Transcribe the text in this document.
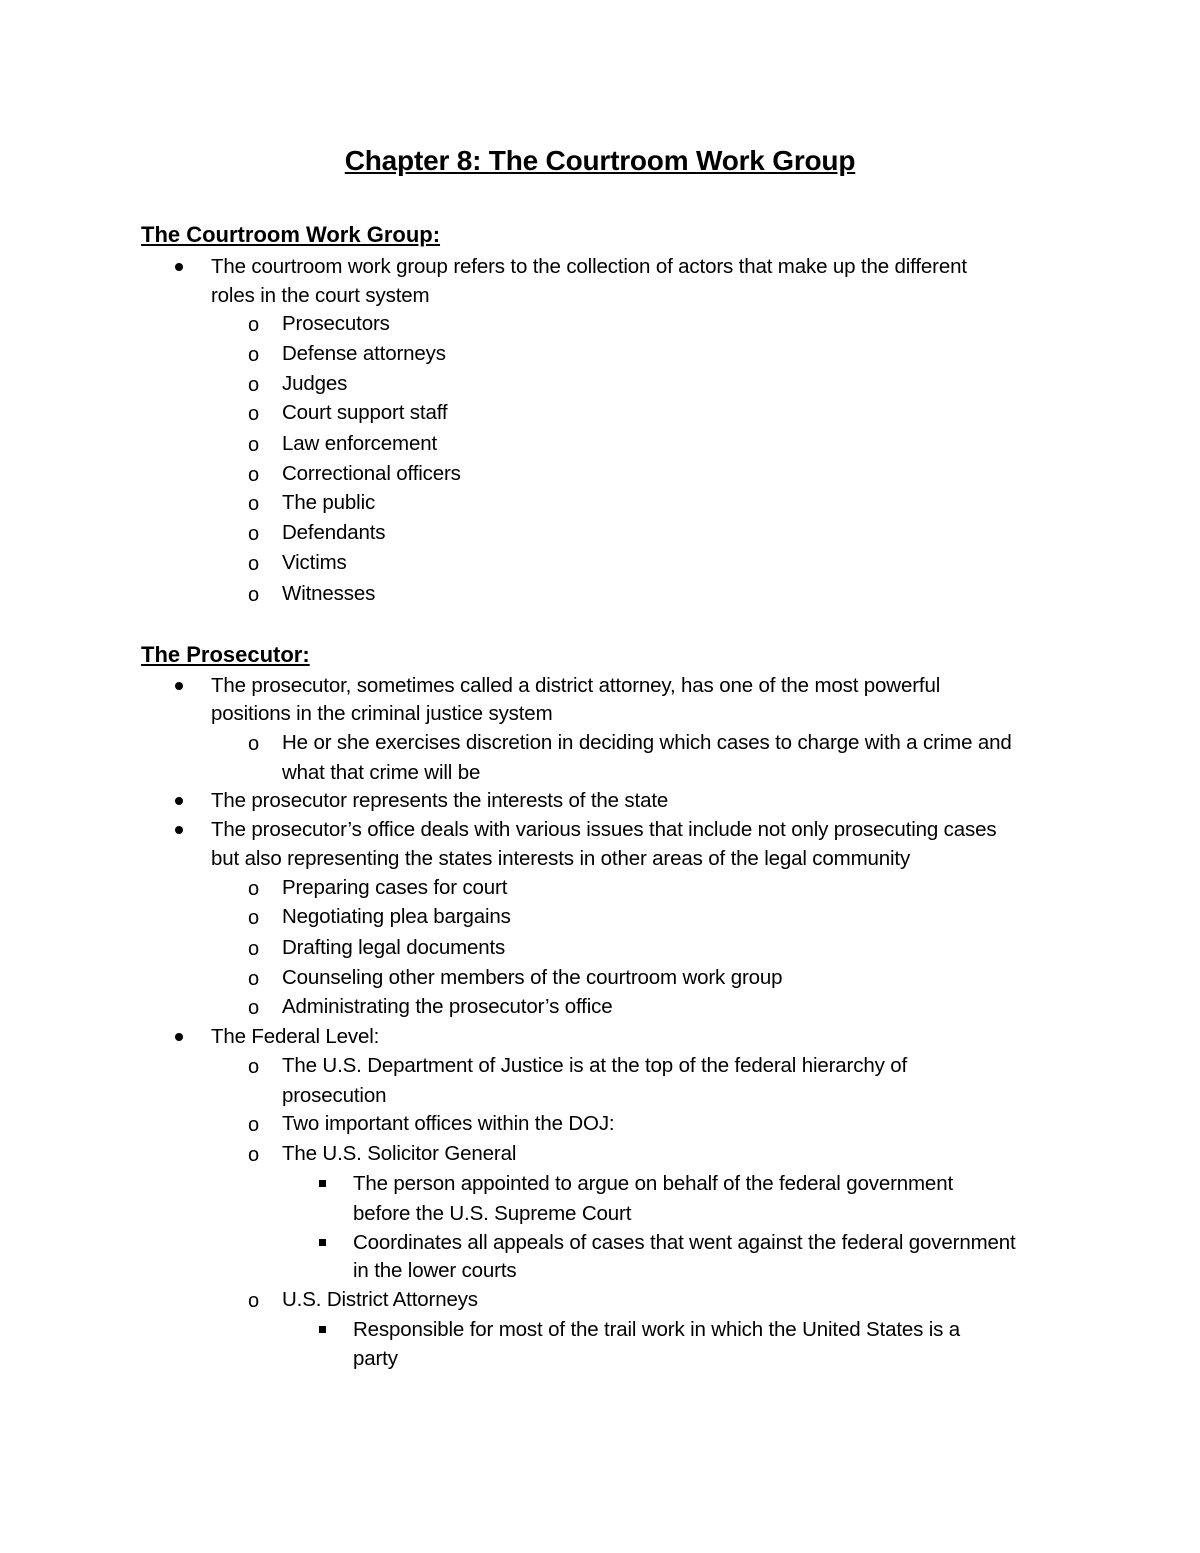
Chapter 8: The Courtroom Work Group
The Courtroom Work Group:
The courtroom work group refers to the collection of actors that make up the different
roles in the court system
o Prosecutors
o Defense attorneys
o Judges
o Court support staff
o Law enforcement
o Correctional officers
o The public
o Defendants
o Victims
o Witnesses
The Prosecutor:
The prosecutor, sometimes called a district attorney, has one of the most powerful
positions in the criminal justice system
o He or she exercises discretion in deciding which cases to charge with a crime and
what that crime will be
The prosecutor represents the interests of the state
The prosecutor’s office deals with various issues that include not only prosecuting cases
but also representing the states interests in other areas of the legal community
o Preparing cases for court
o Negotiating plea bargains
o Drafting legal documents
o Counseling other members of the courtroom work group
o Administrating the prosecutor’s office
The Federal Level:
o The U.S. Department of Justice is at the top of the federal hierarchy of
prosecution
o Two important offices within the DOJ:
o The U.S. Solicitor General
The person appointed to argue on behalf of the federal government
before the U.S. Supreme Court
Coordinates all appeals of cases that went against the federal government
in the lower courts
o U.S. District Attorneys
Responsible for most of the trail work in which the United States is a
party
